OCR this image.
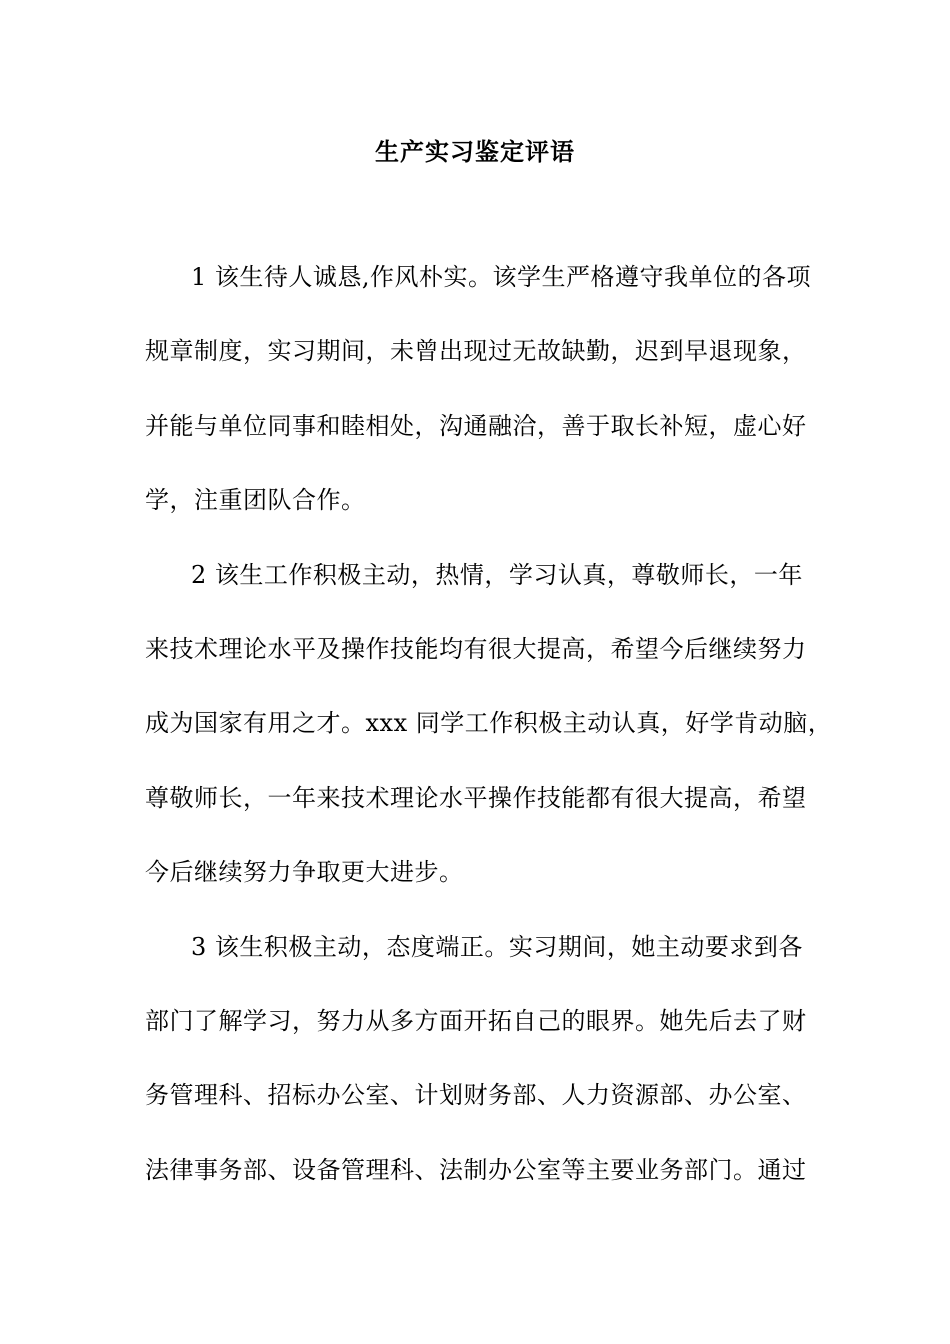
生产实习鉴定评语
1 该生待人诚恳,作风朴实。该学生严格遵守我单位的各项
规章制度，实习期间，未曾出现过无故缺勤，迟到早退现象，
并能与单位同事和睦相处，沟通融洽，善于取长补短，虚心好
学，注重团队合作。
2 该生工作积极主动，热情，学习认真，尊敬师长，一年
来技术理论水平及操作技能均有很大提高，希望今后继续努力
成为国家有用之才。xxx 同学工作积极主动认真，好学肯动脑，
尊敬师长，一年来技术理论水平操作技能都有很大提高，希望
今后继续努力争取更大进步。
3 该生积极主动，态度端正。实习期间，她主动要求到各
部门了解学习，努力从多方面开拓自己的眼界。她先后去了财
务管理科、招标办公室、计划财务部、人力资源部、办公室、
法律事务部、设备管理科、法制办公室等主要业务部门。通过
